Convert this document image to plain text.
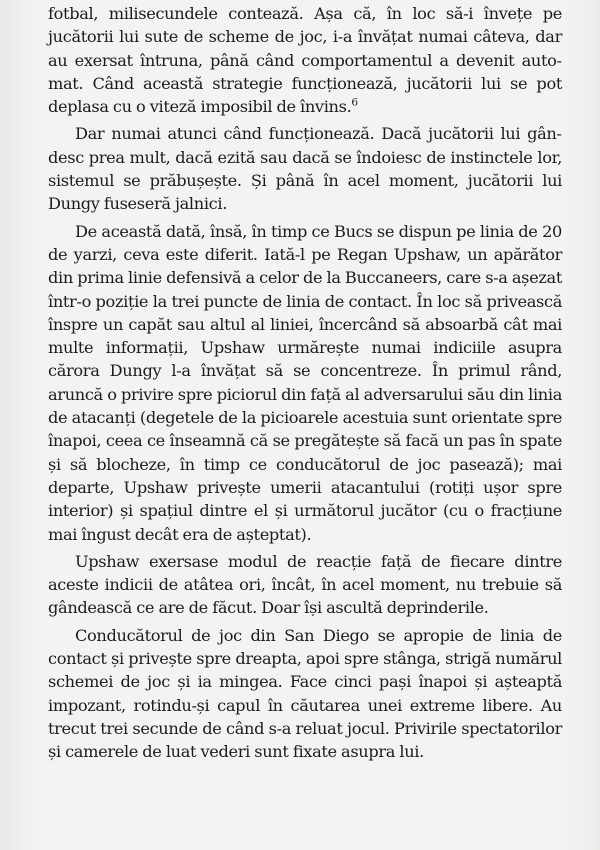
fotbal, milisecundele contează. Așa că, în loc să-i învețe pe jucătorii lui sute de scheme de joc, i-a învățat numai câteva, dar au exersat întruna, până când comportamentul a devenit automat. Când această strategie funcționează, jucătorii lui se pot deplasa cu o viteză imposibil de învins.$^6$

Dar numai atunci când funcționează. Dacă jucătorii lui gândesc prea mult, dacă ezită sau dacă se îndoiesc de instinctele lor, sistemul se prăbușește. Și până în acel moment, jucătorii lui Dungy fuseseră jalnici.

De această dată, însă, în timp ce Bucs se dispun pe linia de 20 de yarzi, ceva este diferit. Iată-l pe Regan Upshaw, un apărător din prima linie defensivă a celor de la Buccaneers, care s-a așezat într-o poziție la trei puncte de linia de contact. În loc să privească înspre un capăt sau altul al liniei, încercând să absoarbă cât mai multe informații, Upshaw urmărește numai indiciile asupra cărora Dungy l-a învățat să se concentreze. În primul rând, aruncă o privire spre piciorul din față al adversarului său din linia de atacanți (degetele de la picioarele acestuia sunt orientate spre înapoi, ceea ce înseamnă că se pregătește să facă un pas în spate și să blocheze, în timp ce conducătorul de joc pasează); mai departe, Upshaw privește umerii atacantului (rotiți ușor spre interior) și spațiul dintre el și următorul jucător (cu o fracțiune mai îngust decât era de așteptat).

Upshaw exersase modul de reacție față de fiecare dintre aceste indicii de atâtea ori, încât, în acel moment, nu trebuie să gândească ce are de făcut. Doar își ascultă deprinderile.

Conducătorul de joc din San Diego se apropie de linia de contact și privește spre dreapta, apoi spre stânga, strigă numărul schemei de joc și ia mingea. Face cinci pași înapoi și așteaptă impozant, rotindu-și capul în căutarea unei extreme libere. Au trecut trei secunde de când s-a reluat jocul. Privirile spectatorilor și camerele de luat vederi sunt fixate asupra lui.
